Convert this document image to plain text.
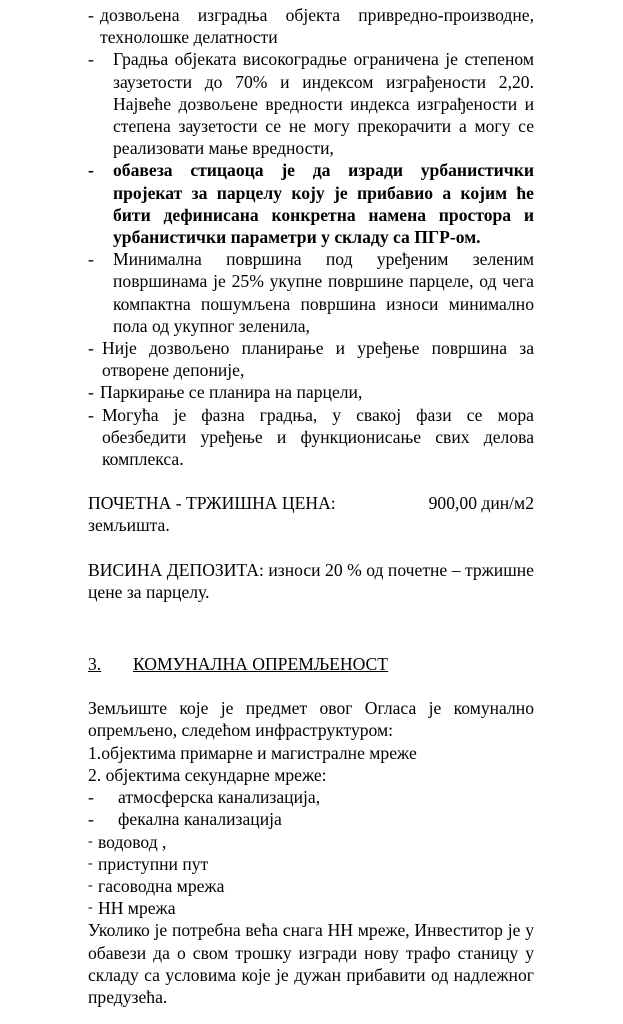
- дозвољена изградња објекта привредно-производне, технолошке делатности
- Градња објеката високоградње ограничена је степеном заузетости до 70% и индексом изграђености 2,20. Највеће дозвољене вредности индекса изграђености и степена заузетости се не могу прекорачити а могу се реализовати мање вредности,
- обавеза стицаоца је да изради урбанистички пројекат за парцелу коју је прибавио а којим ће бити дефинисана конкретна намена простора и урбанистички параметри у складу са ПГР-ом.
- Минимална површина под уређеним зеленим површинама је 25% укупне површине парцеле, од чега компактна пошумљена површина износи минимално пола од укупног зеленила,
- Није дозвољено планирање и уређење површина за отворене депоније,
- Паркирање се планира на парцели,
- Могућа је фазна градња, у свакој фази се мора обезбедити уређење и функционисање свих делова комплекса.
ПОЧЕТНА - ТРЖИШНА ЦЕНА:	900,00 дин/м2
земљишта.
ВИСИНА ДЕПОЗИТА: износи 20 % од почетне – тржишне цене за парцелу.
3.	КОМУНАЛНА ОПРЕМЉЕНОСТ
Земљиште које је предмет овог Огласа је комунално опремљено, следећом инфраструктуром:
1.објектима примарне и магистралне мреже
2. објектима секундарне мреже:
- атмосферска канализација,
- фекална канализација
- водовод ,
- приступни пут
- гасоводна мрежа
- НН мрежа
Уколико је потребна већа снага НН мреже, Инвеститор је у обавези да о свом трошку изгради нову трафо станицу у складу са условима које је дужан прибавити од надлежног предузећа.
